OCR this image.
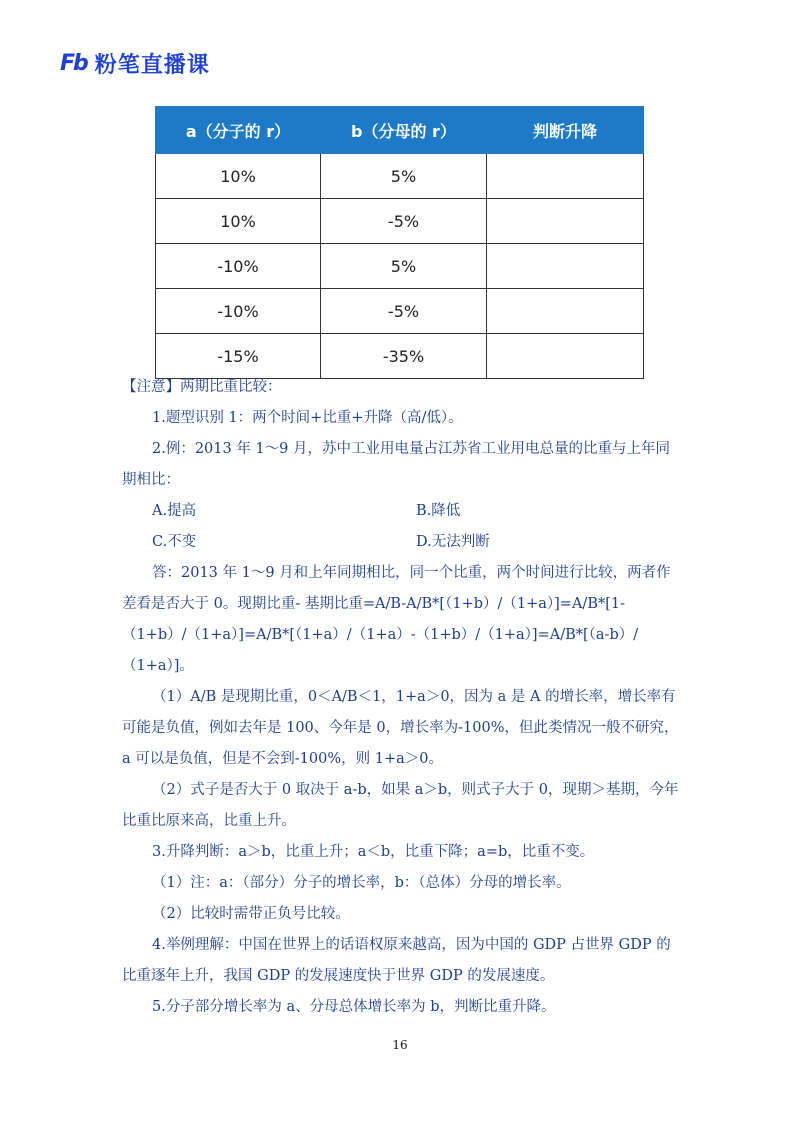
Fb 粉笔直播课
a（分子的 r）	b（分母的 r）	判断升降
10%	5%	
10%	-5%	
-10%	5%	
-10%	-5%	
-15%	-35%	

【注意】两期比重比较：

1.题型识别 1：两个时间+比重+升降（高/低）。

2.例：2013 年 1～9 月，苏中工业用电量占江苏省工业用电总量的比重与上年同期相比：

A.提高	B.降低
C.不变	D.无法判断

答：2013 年 1～9 月和上年同期相比，同一个比重，两个时间进行比较，两者作差看是否大于 0。现期比重- 基期比重=A/B-A/B*[（1+b）/（1+a）]=A/B*[1-（1+b）/（1+a）]=A/B*[（1+a）/（1+a）-（1+b）/（1+a）]=A/B*[（a-b）/（1+a）]。

（1）A/B 是现期比重，0＜A/B＜1，1+a＞0，因为 a 是 A 的增长率，增长率有可能是负值，例如去年是 100、今年是 0，增长率为-100%，但此类情况一般不研究，a 可以是负值，但是不会到-100%，则 1+a＞0。

（2）式子是否大于 0 取决于 a-b，如果 a＞b，则式子大于 0，现期＞基期，今年比重比原来高，比重上升。

3.升降判断：a＞b，比重上升；a＜b，比重下降；a=b，比重不变。

（1）注：a：（部分）分子的增长率，b：（总体）分母的增长率。

（2）比较时需带正负号比较。

4.举例理解：中国在世界上的话语权原来越高，因为中国的 GDP 占世界 GDP 的比重逐年上升，我国 GDP 的发展速度快于世界 GDP 的发展速度。

5.分子部分增长率为 a、分母总体增长率为 b，判断比重升降。

16
